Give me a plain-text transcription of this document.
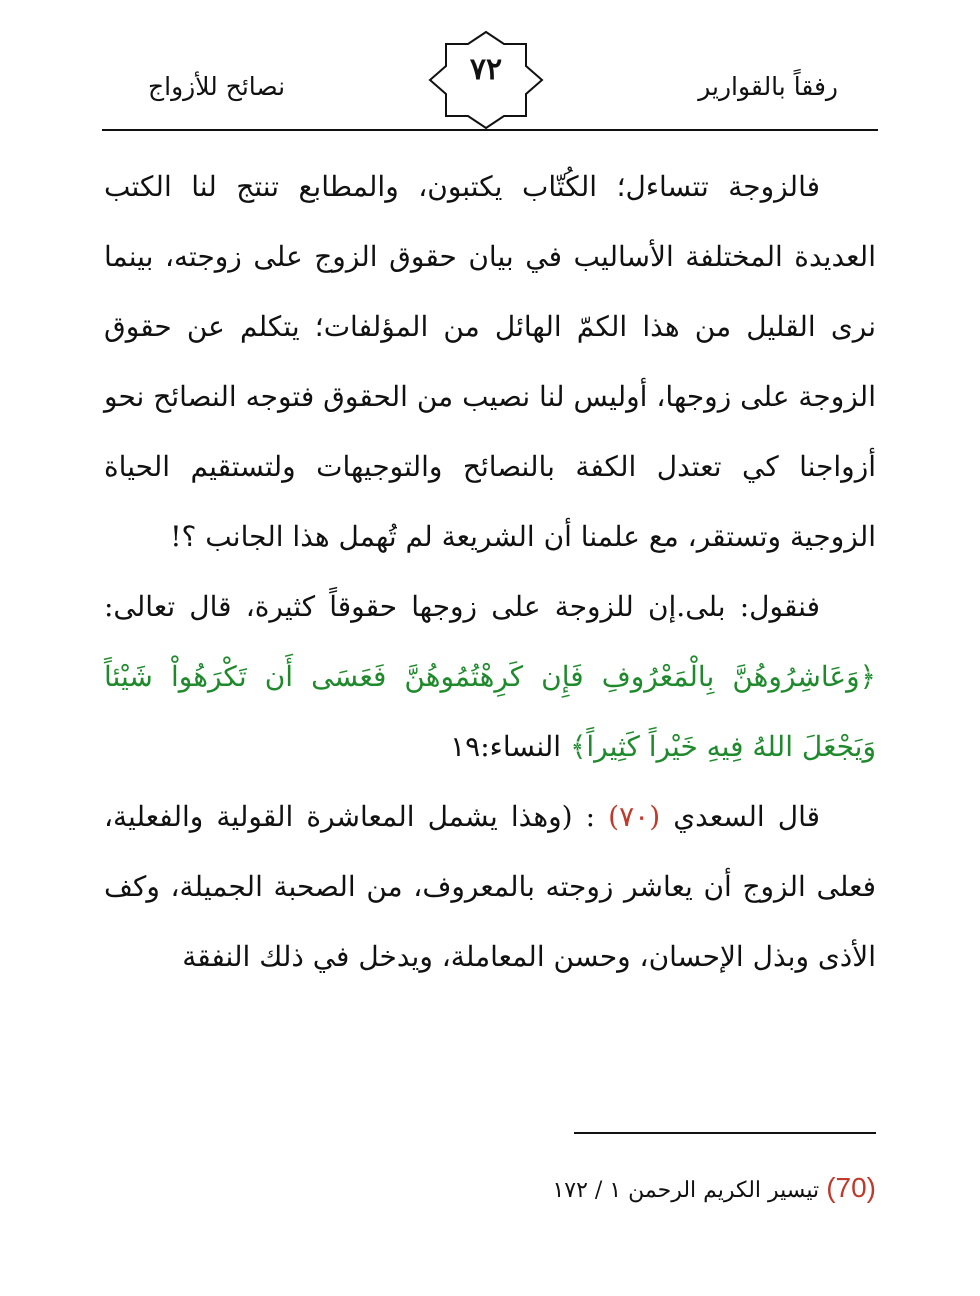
نصائح للأزواج	٧٢	رفقاً بالقوارير

فالزوجة تتساءل؛ الكُتّاب يكتبون، والمطابع تنتج لنا الكتب العديدة المختلفة الأساليب في بيان حقوق الزوج على زوجته، بينما نرى القليل من هذا الكمّ الهائل من المؤلفات؛ يتكلم عن حقوق الزوجة على زوجها، أوليس لنا نصيب من الحقوق فتوجه النصائح نحو أزواجنا كي تعتدل الكفة بالنصائح والتوجيهات ولتستقيم الحياة الزوجية وتستقر، مع علمنا أن الشريعة لم تُهمل هذا الجانب ؟!

فنقول: بلى.إن للزوجة على زوجها حقوقاً كثيرة، قال تعالى: ﴿وَعَاشِرُوهُنَّ بِالْمَعْرُوفِ فَإِن كَرِهْتُمُوهُنَّ فَعَسَى أَن تَكْرَهُواْ شَيْئاً وَيَجْعَلَ اللهُ فِيهِ خَيْراً كَثِيراً﴾ النساء:١٩

قال السعدي (٧٠) : (وهذا يشمل المعاشرة القولية والفعلية، فعلى الزوج أن يعاشر زوجته بالمعروف، من الصحبة الجميلة، وكف الأذى وبذل الإحسان، وحسن المعاملة، ويدخل في ذلك النفقة

(70) تيسير الكريم الرحمن ١ / ١٧٢
